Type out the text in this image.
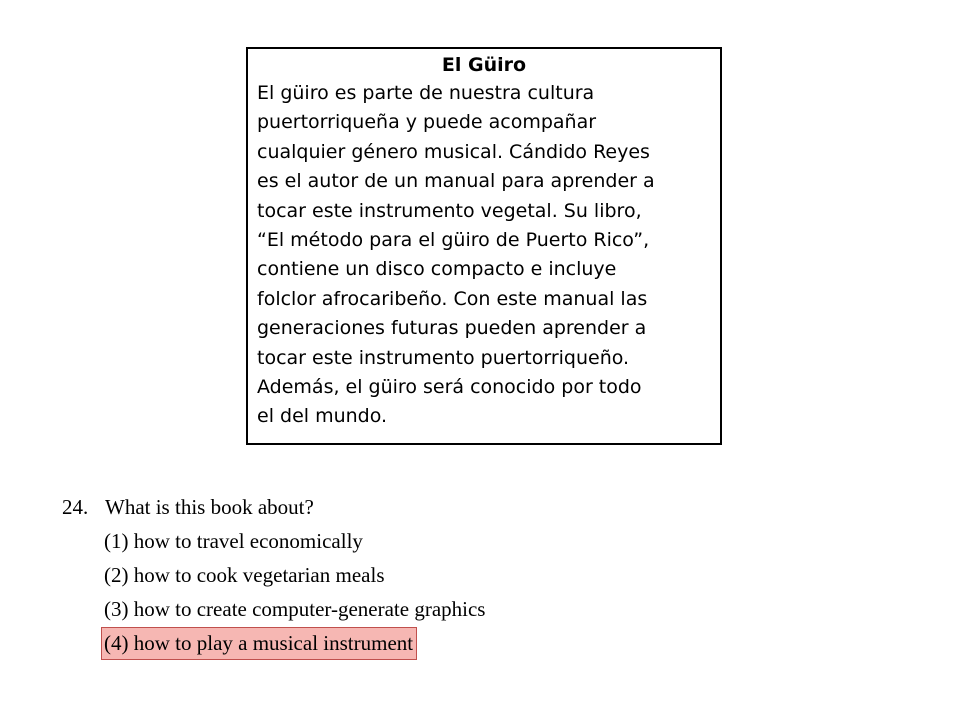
El Güiro
El güiro es parte de nuestra cultura
puertorriqueña y puede acompañar
cualquier género musical. Cándido Reyes
es el autor de un manual para aprender a
tocar este instrumento vegetal. Su libro,
“El método para el güiro de Puerto Rico”,
contiene un disco compacto e incluye
folclor afrocaribeño. Con este manual las
generaciones futuras pueden aprender a
tocar este instrumento puertorriqueño.
Además, el güiro será conocido por todo
el del mundo.
24. What is this book about?
(1) how to travel economically
(2) how to cook vegetarian meals
(3) how to create computer-generate graphics
(4) how to play a musical instrument
